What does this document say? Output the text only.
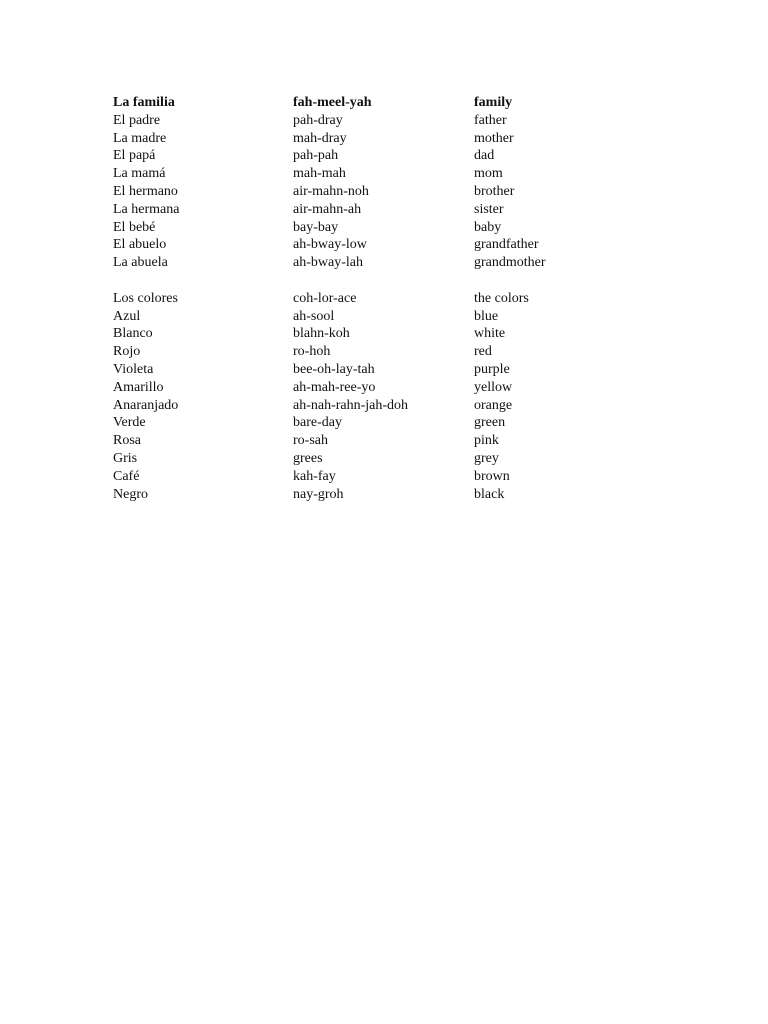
La familia	fah-meel-yah	family
El padre	pah-dray	father
La madre	mah-dray	mother
El papá	pah-pah	dad
La mamá	mah-mah	mom
El hermano	air-mahn-noh	brother
La hermana	air-mahn-ah	sister
El bebé	bay-bay	baby
El abuelo	ah-bway-low	grandfather
La abuela	ah-bway-lah	grandmother

Los colores	coh-lor-ace	the colors
Azul	ah-sool	blue
Blanco	blahn-koh	white
Rojo	ro-hoh	red
Violeta	bee-oh-lay-tah	purple
Amarillo	ah-mah-ree-yo	yellow
Anaranjado	ah-nah-rahn-jah-doh	orange
Verde	bare-day	green
Rosa	ro-sah	pink
Gris	grees	grey
Café	kah-fay	brown
Negro	nay-groh	black
